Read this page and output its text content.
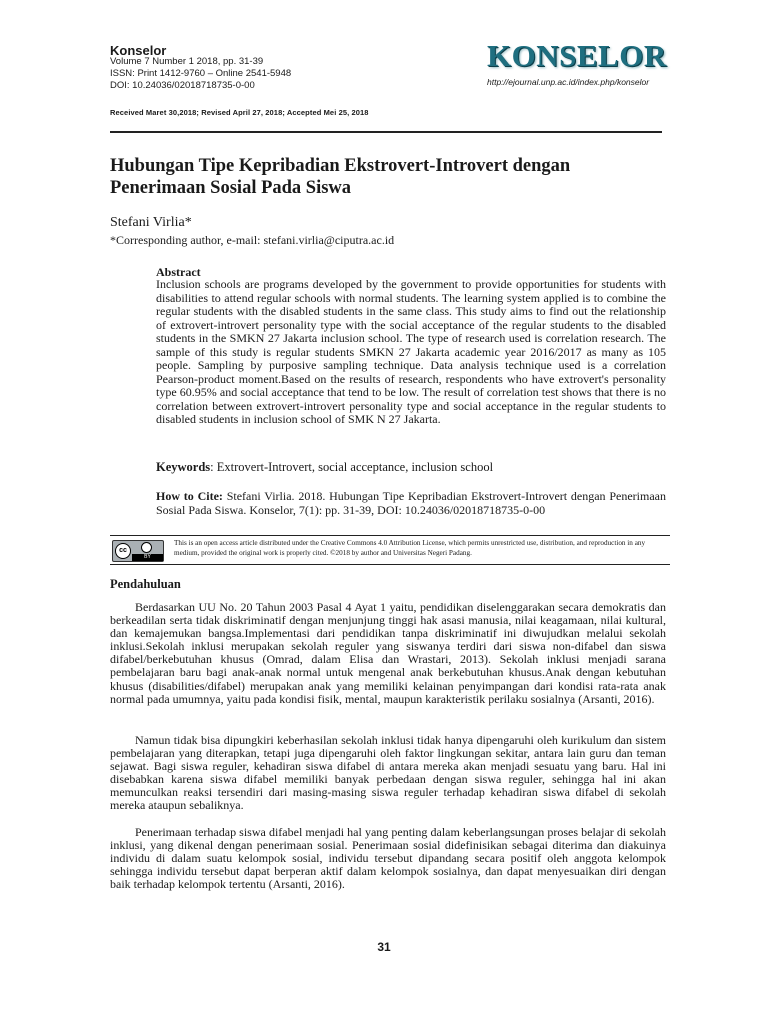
Konselor
Volume 7 Number 1 2018, pp. 31-39
ISSN: Print 1412-9760 – Online 2541-5948
DOI: 10.24036/02018718735-0-00
KONSELOR
http://ejournal.unp.ac.id/index.php/konselor
Received Maret 30,2018; Revised April 27, 2018; Accepted Mei 25, 2018
Hubungan Tipe Kepribadian Ekstrovert-Introvert dengan Penerimaan Sosial Pada Siswa
Stefani Virlia*
*Corresponding author, e-mail: stefani.virlia@ciputra.ac.id
Abstract
Inclusion schools are programs developed by the government to provide opportunities for students with disabilities to attend regular schools with normal students. The learning system applied is to combine the regular students with the disabled students in the same class. This study aims to find out the relationship of extrovert-introvert personality type with the social acceptance of the regular students to the disabled students in the SMKN 27 Jakarta inclusion school. The type of research used is correlation research. The sample of this study is regular students SMKN 27 Jakarta academic year 2016/2017 as many as 105 people. Sampling by purposive sampling technique. Data analysis technique used is a correlation Pearson-product moment.Based on the results of research, respondents who have extrovert's personality type 60.95% and social acceptance that tend to be low. The result of correlation test shows that there is no correlation between extrovert-introvert personality type and social acceptance in the regular students to disabled students in inclusion school of SMK N 27 Jakarta.
Keywords: Extrovert-Introvert, social acceptance, inclusion school
How to Cite: Stefani Virlia. 2018. Hubungan Tipe Kepribadian Ekstrovert-Introvert dengan Penerimaan Sosial Pada Siswa. Konselor, 7(1): pp. 31-39, DOI: 10.24036/02018718735-0-00
cc
BY
This is an open access article distributed under the Creative Commons 4.0 Attribution License, which permits unrestricted use, distribution, and reproduction in any medium, provided the original work is properly cited. ©2018 by author and Universitas Negeri Padang.
Pendahuluan
Berdasarkan UU No. 20 Tahun 2003 Pasal 4 Ayat 1 yaitu, pendidikan diselenggarakan secara demokratis dan berkeadilan serta tidak diskriminatif dengan menjunjung tinggi hak asasi manusia, nilai keagamaan, nilai kultural, dan kemajemukan bangsa.Implementasi dari pendidikan tanpa diskriminatif ini diwujudkan melalui sekolah inklusi.Sekolah inklusi merupakan sekolah reguler yang siswanya terdiri dari siswa non-difabel dan siswa difabel/berkebutuhan khusus (Omrad, dalam Elisa dan Wrastari, 2013). Sekolah inklusi menjadi sarana pembelajaran baru bagi anak-anak normal untuk mengenal anak berkebutuhan khusus.Anak dengan kebutuhan khusus (disabilities/difabel) merupakan anak yang memiliki kelainan penyimpangan dari kondisi rata-rata anak normal pada umumnya, yaitu pada kondisi fisik, mental, maupun karakteristik perilaku sosialnya (Arsanti, 2016).
Namun tidak bisa dipungkiri keberhasilan sekolah inklusi tidak hanya dipengaruhi oleh kurikulum dan sistem pembelajaran yang diterapkan, tetapi juga dipengaruhi oleh faktor lingkungan sekitar, antara lain guru dan teman sejawat. Bagi siswa reguler, kehadiran siswa difabel di antara mereka akan menjadi sesuatu yang baru. Hal ini disebabkan karena siswa difabel memiliki banyak perbedaan dengan siswa reguler, sehingga hal ini akan memunculkan reaksi tersendiri dari masing-masing siswa reguler terhadap kehadiran siswa difabel di sekolah mereka ataupun sebaliknya.
Penerimaan terhadap siswa difabel menjadi hal yang penting dalam keberlangsungan proses belajar di sekolah inklusi, yang dikenal dengan penerimaan sosial. Penerimaan sosial didefinisikan sebagai diterima dan diakuinya individu di dalam suatu kelompok sosial, individu tersebut dipandang secara positif oleh anggota kelompok sehingga individu tersebut dapat berperan aktif dalam kelompok sosialnya, dan dapat menyesuaikan diri dengan baik terhadap kelompok tertentu (Arsanti, 2016).
31
